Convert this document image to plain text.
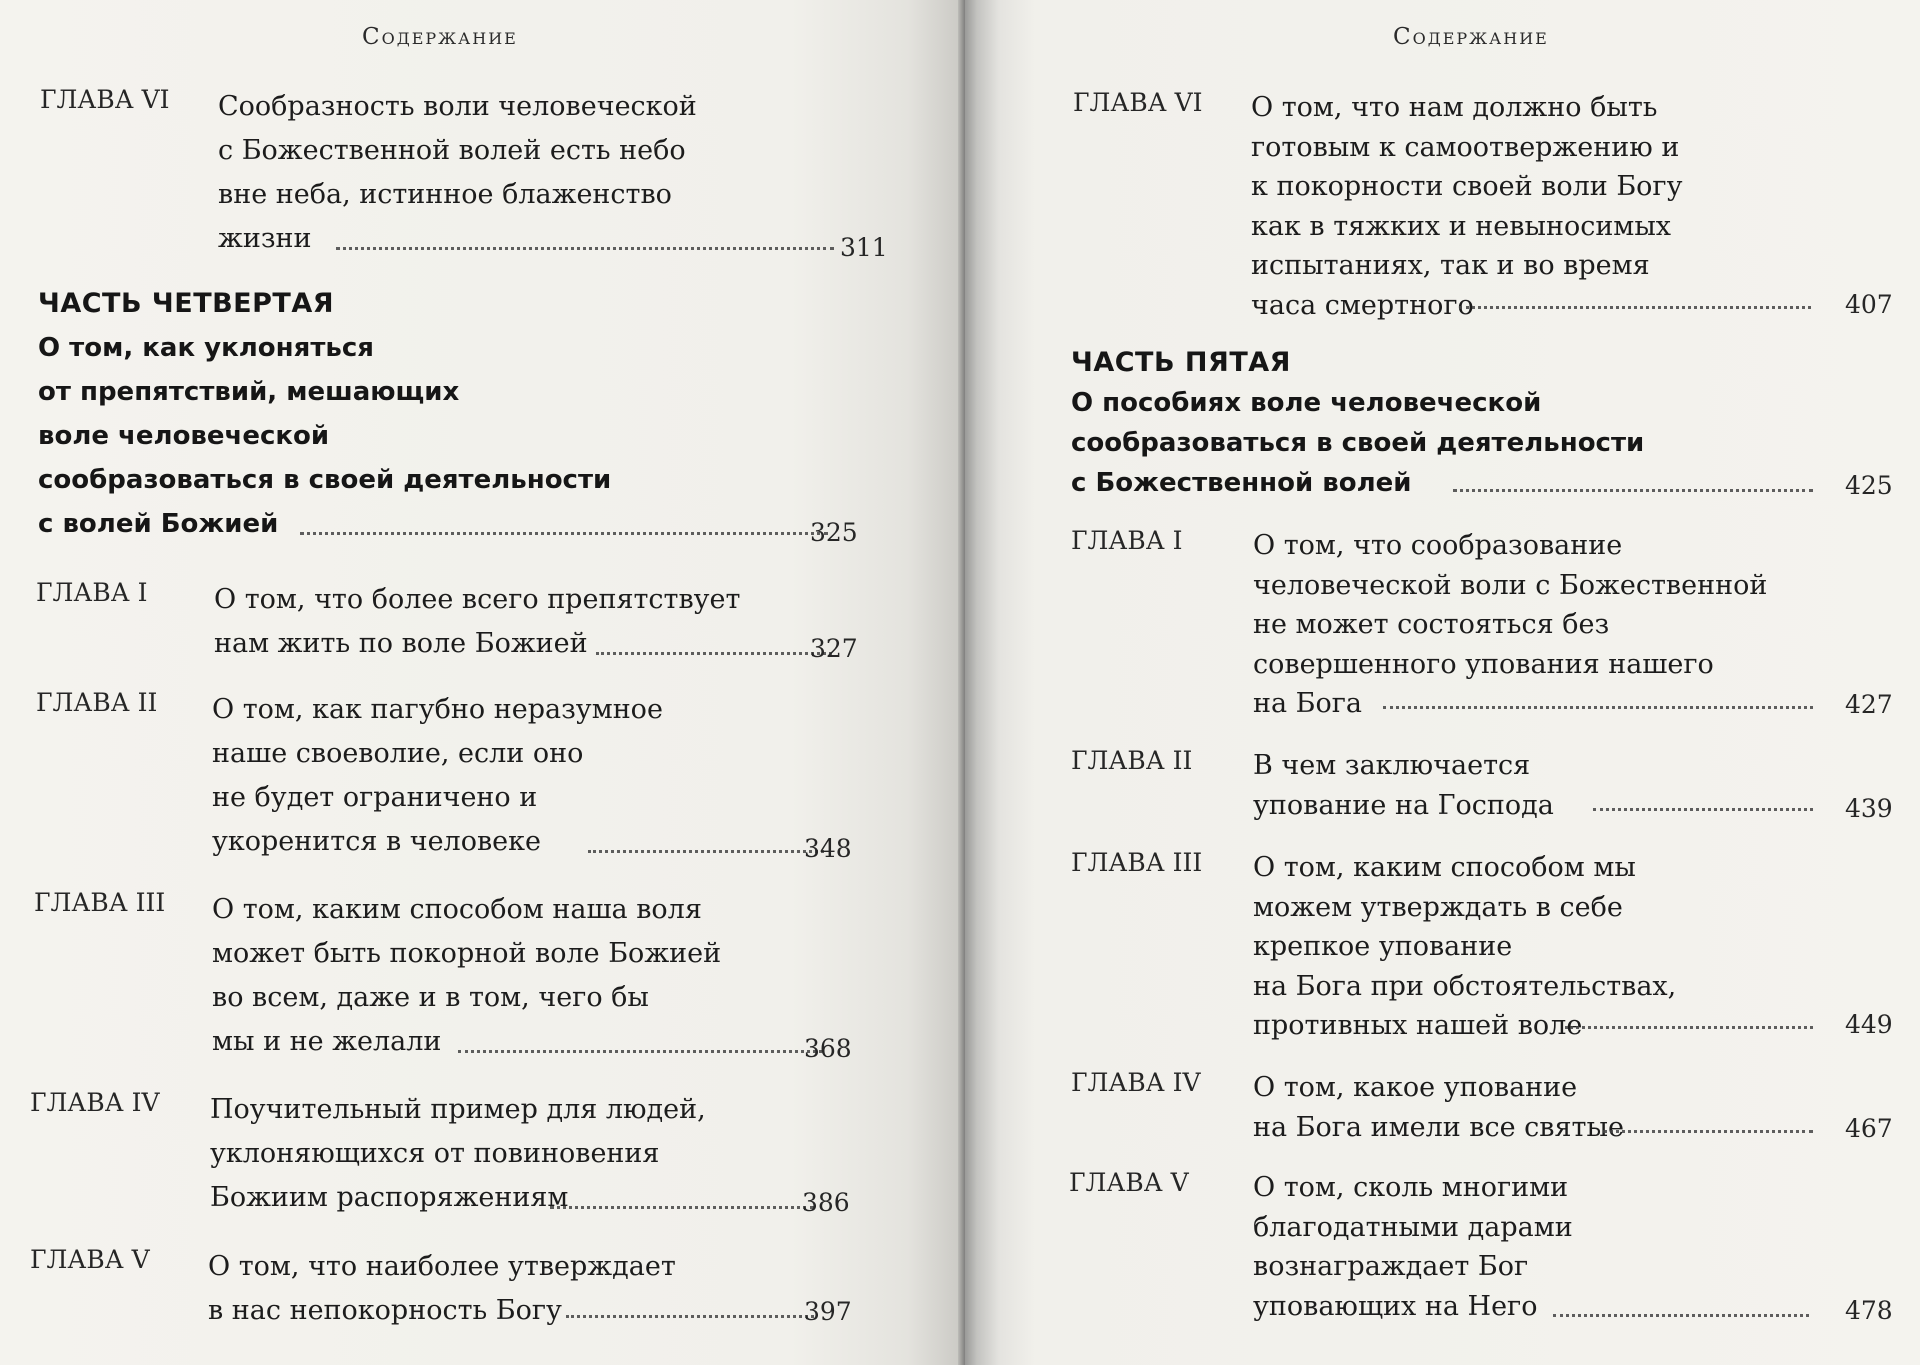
Содержание
ГЛАВА VI Сообразность воли человеческой
с Божественной волей есть небо
вне неба, истинное блаженство
жизни	311
ЧАСТЬ ЧЕТВЕРТАЯ
О том, как уклоняться
от препятствий, мешающих
воле человеческой
сообразоваться в своей деятельности
с волей Божией	325
ГЛАВА I О том, что более всего препятствует
нам жить по воле Божией	327
ГЛАВА II О том, как пагубно неразумное
наше своеволие, если оно
не будет ограничено и
укоренится в человеке	348
ГЛАВА III О том, каким способом наша воля
может быть покорной воле Божией
во всем, даже и в том, чего бы
мы и не желали	368
ГЛАВА IV Поучительный пример для людей,
уклоняющихся от повиновения
Божиим распоряжениям	386
ГЛАВА V О том, что наиболее утверждает
в нас непокорность Богу	397
Содержание
ГЛАВА VI О том, что нам должно быть
готовым к самоотвержению и
к покорности своей воли Богу
как в тяжких и невыносимых
испытаниях, так и во время
часа смертного	407
ЧАСТЬ ПЯТАЯ
О пособиях воле человеческой
сообразоваться в своей деятельности
с Божественной волей	425
ГЛАВА I	О том, что сообразование
человеческой воли с Божественной
не может состояться без
совершенного упования нашего
на Бога	427
ГЛАВА II В чем заключается
упование на Господа	439
ГЛАВА III О том, каким способом мы
можем утверждать в себе
крепкое упование
на Бога при обстоятельствах,
противных нашей воле	449
ГЛАВА IV О том, какое упование
на Бога имели все святые	467
ГЛАВА V О том, сколь многими
благодатными дарами
вознаграждает Бог
уповающих на Него	478
